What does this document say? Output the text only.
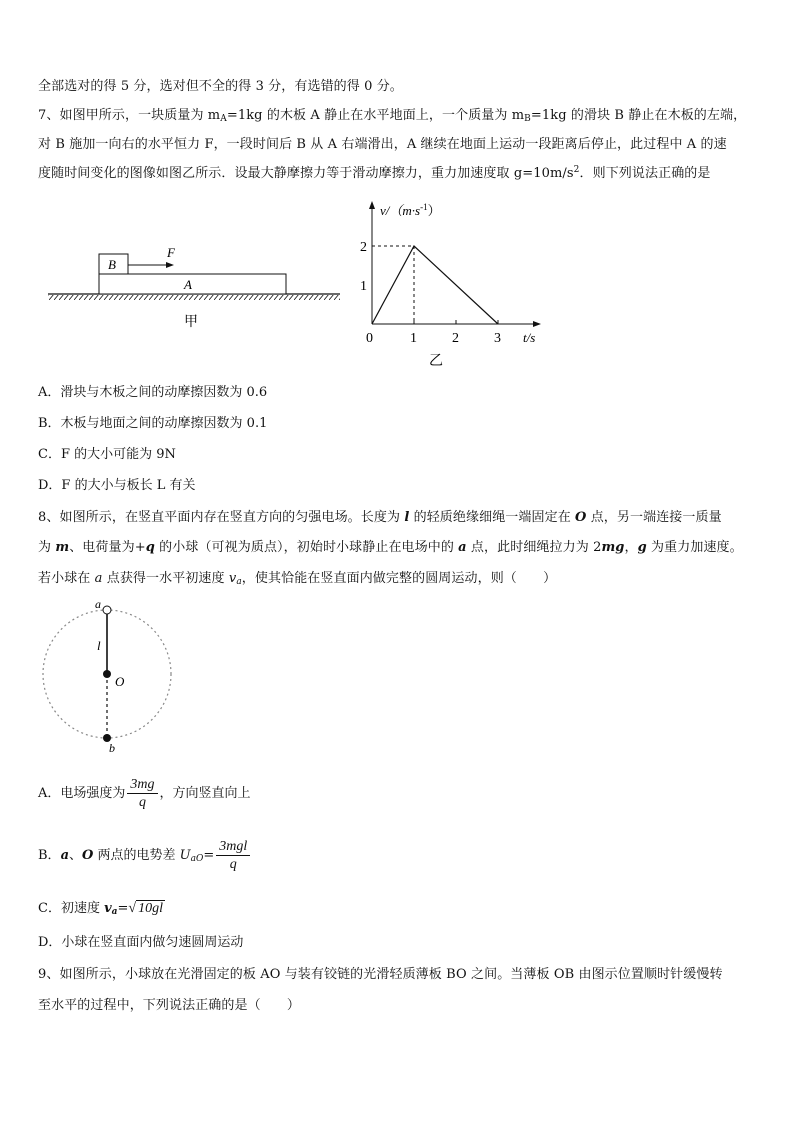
全部选对的得 5 分，选对但不全的得 3 分，有选错的得 0 分。
7、如图甲所示，一块质量为 $m_A=1kg$ 的木板 A 静止在水平地面上，一个质量为 $m_B=1kg$ 的滑块 B 静止在木板的左端，
对 B 施加一向右的水平恒力 F，一段时间后 B 从 A 右端滑出，A 继续在地面上运动一段距离后停止，此过程中 A 的速
度随时间变化的图像如图乙所示．设最大静摩擦力等于滑动摩擦力，重力加速度取 $g=10m/s^2$．则下列说法正确的是
B
F
A
甲
$v/(m\cdot s^{-1})$
t/s
0	1	2	3
1
2
乙
A．滑块与木板之间的动摩擦因数为 0.6
B．木板与地面之间的动摩擦因数为 0.1
C．F 的大小可能为 9N
D．F 的大小与板长 L 有关
8、如图所示，在竖直平面内存在竖直方向的匀强电场。长度为 l 的轻质绝缘细绳一端固定在 O 点，另一端连接一质量
为 m、电荷量为+q 的小球（可视为质点），初始时小球静止在电场中的 a 点，此时细绳拉力为 2mg，g 为重力加速度。
若小球在 a 点获得一水平初速度 $v_a$，使其恰能在竖直面内做完整的圆周运动，则（　　）
a
l
O
b
A．电场强度为 $\frac{3mg}{q}$ ，方向竖直向上
B．a、O 两点的电势差 $U_{aO}= \frac{\text{3mgl}}{q}$
C．初速度 $v_a=√$ 10gl
D．小球在竖直面内做匀速圆周运动
9、如图所示，小球放在光滑固定的板 AO 与装有铰链的光滑轻质薄板 BO 之间。当薄板 OB 由图示位置顺时针缓慢转
至水平的过程中，下列说法正确的是（　　）
